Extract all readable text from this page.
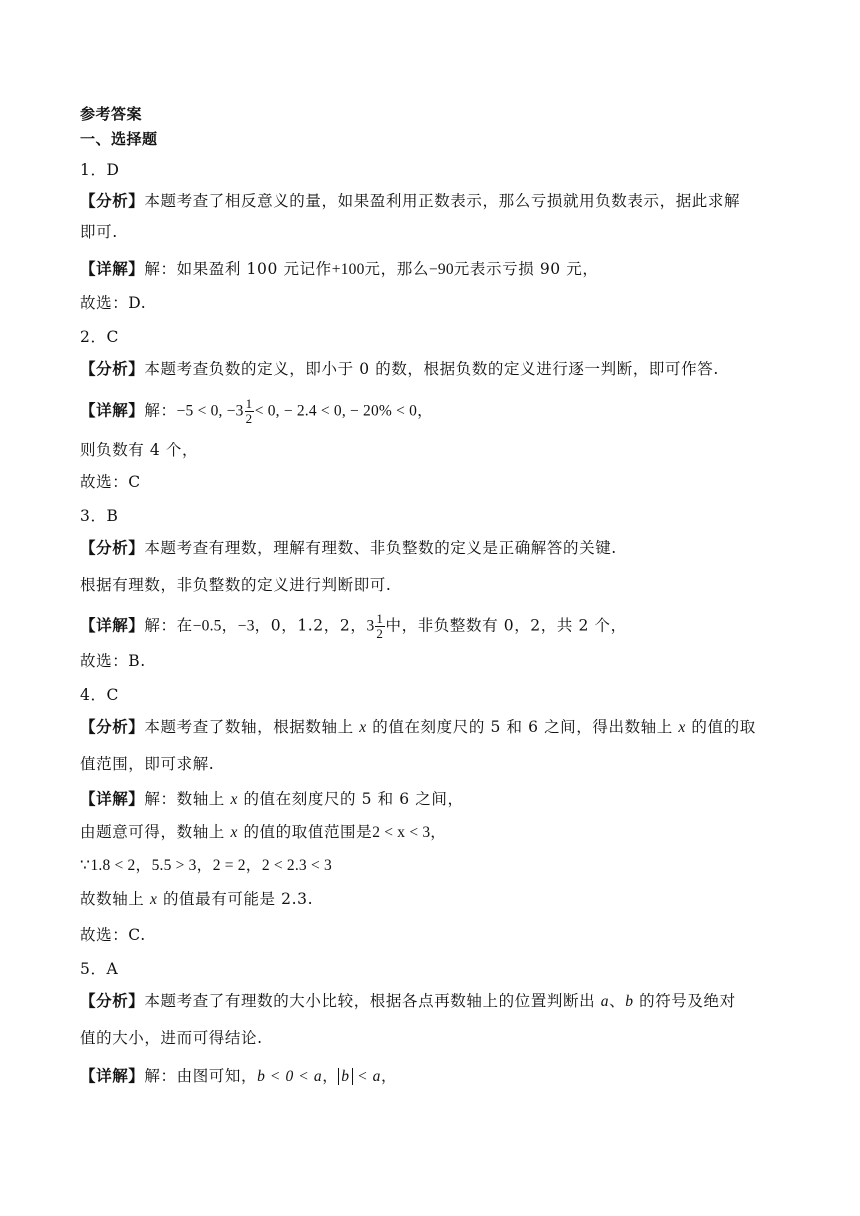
参考答案
一、选择题
1．D
【分析】本题考查了相反意义的量，如果盈利用正数表示，那么亏损就用负数表示，据此求解
即可.
【详解】解：如果盈利 100 元记作+100元，那么−90元表示亏损 90 元，
故选：D.
2．C
【分析】本题考查负数的定义，即小于 0 的数，根据负数的定义进行逐一判断，即可作答.
【详解】解：−5 < 0, $-3 \frac{1}{2} < 0$, − 2.4 < 0, − 20% < 0，
则负数有 4 个，
故选：C
3．B
【分析】本题考查有理数，理解有理数、非负整数的定义是正确解答的关键.
根据有理数，非负整数的定义进行判断即可.
【详解】解：在−0.5，−3，0，1.2，2，$3 \frac{1}{2}$ 中，非负整数有 0，2，共 2 个，
故选：B.
4．C
【分析】本题考查了数轴，根据数轴上 x 的值在刻度尺的 5 和 6 之间，得出数轴上 x 的值的取
值范围，即可求解.
【详解】解：数轴上 x 的值在刻度尺的 5 和 6 之间，
由题意可得，数轴上 x 的值的取值范围是2 < x < 3，
∵1.8 < 2，5.5 > 3，2 = 2，2 < 2.3 < 3
故数轴上 x 的值最有可能是 2.3.
故选：C.
5．A
【分析】本题考查了有理数的大小比较，根据各点再数轴上的位置判断出 a、b 的符号及绝对
值的大小，进而可得结论.
【详解】解：由图可知，b < 0 < a， b < a，
